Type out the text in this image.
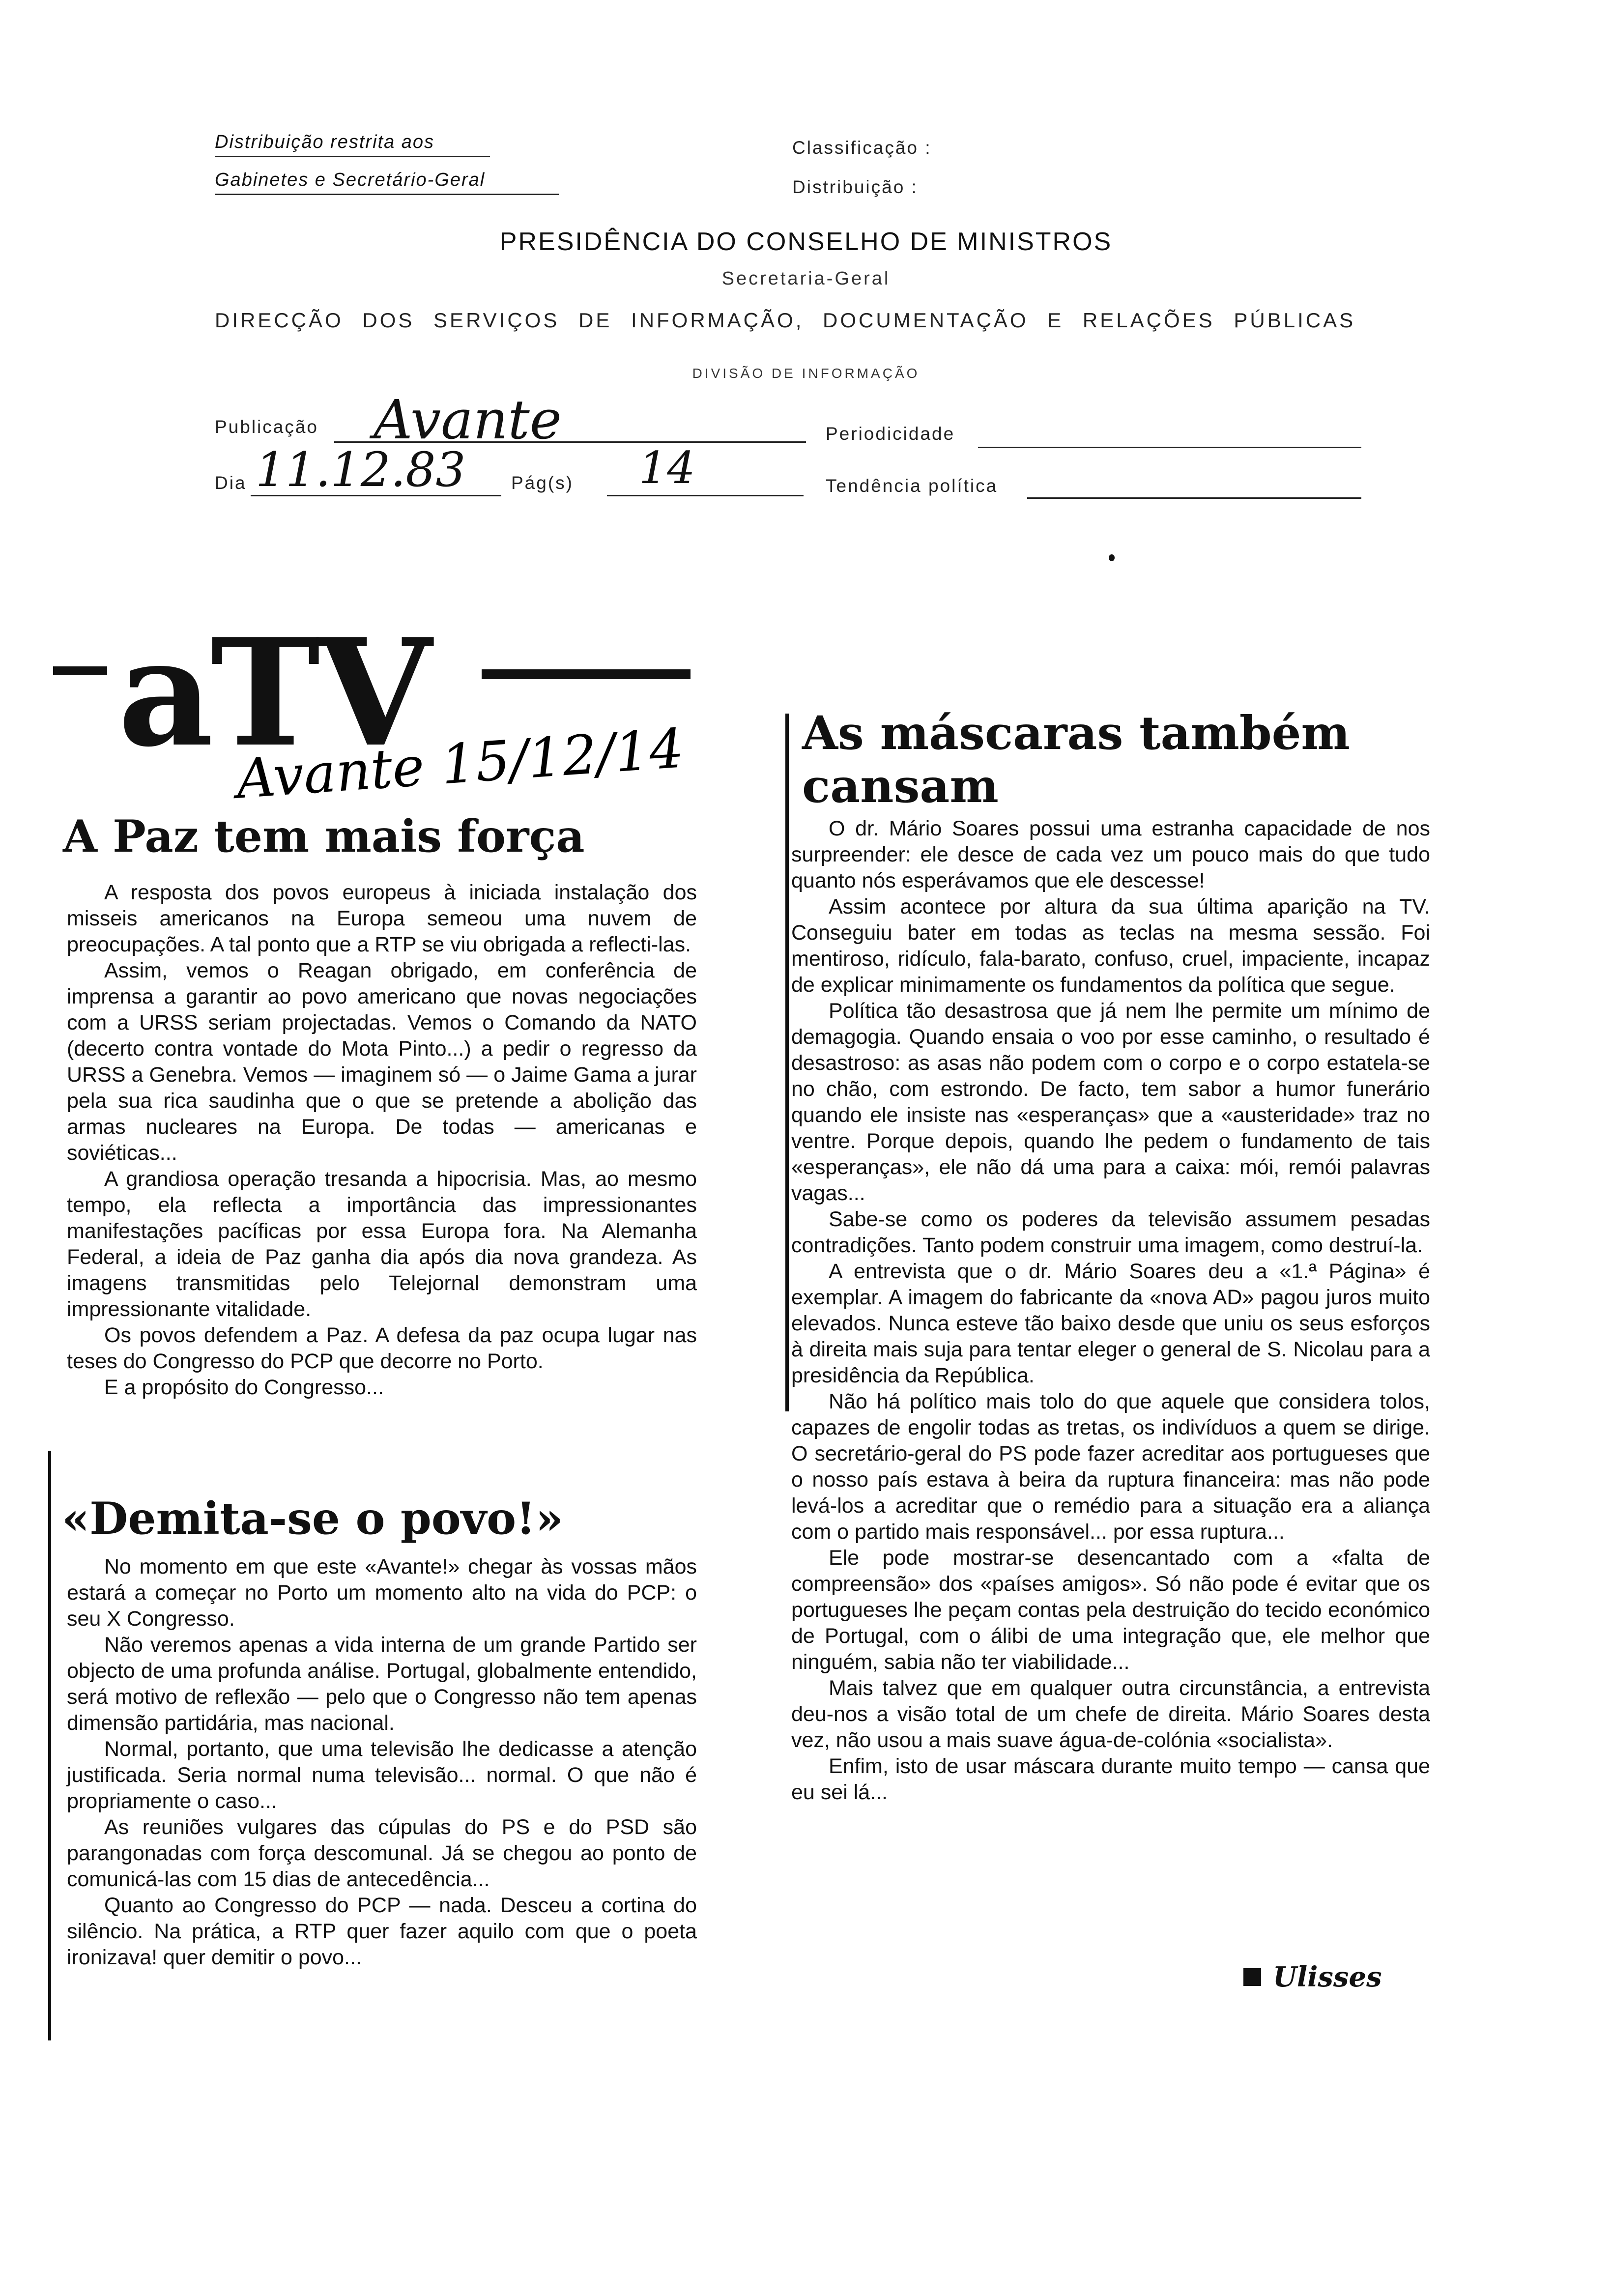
Distribuição restrita aos
Gabinetes e Secretário-Geral
Classificação :
Distribuição :
PRESIDÊNCIA DO CONSELHO DE MINISTROS
Secretaria-Geral
DIRECÇÃO DOS SERVIÇOS DE INFORMAÇÃO, DOCUMENTAÇÃO E RELAÇÕES PÚBLICAS
DIVISÃO DE INFORMAÇÃO
Publicação Avante	Periodicidade
Dia 11.12.83	Pág(s) 14	Tendência política
aTV
Avante 15/12/14
A Paz tem mais força

A resposta dos povos europeus à iniciada instalação dos misseis americanos na Europa semeou uma nuvem de preocupações. A tal ponto que a RTP se viu obrigada a reflecti-las.

Assim, vemos o Reagan obrigado, em conferência de imprensa a garantir ao povo americano que novas negociações com a URSS seriam projectadas. Vemos o Comando da NATO (decerto contra vontade do Mota Pinto...) a pedir o regresso da URSS a Genebra. Vemos — imaginem só — o Jaime Gama a jurar pela sua rica saudinha que o que se pretende a abolição das armas nucleares na Europa. De todas — americanas e soviéticas...

A grandiosa operação tresanda a hipocrisia. Mas, ao mesmo tempo, ela reflecta a importância das impressionantes manifestações pacíficas por essa Europa fora. Na Alemanha Federal, a ideia de Paz ganha dia após dia nova grandeza. As imagens transmitidas pelo Telejornal demonstram uma impressionante vitalidade.

Os povos defendem a Paz. A defesa da paz ocupa lugar nas teses do Congresso do PCP que decorre no Porto.

E a propósito do Congresso...

«Demita-se o povo!»

No momento em que este «Avante!» chegar às vossas mãos estará a começar no Porto um momento alto na vida do PCP: o seu X Congresso.

Não veremos apenas a vida interna de um grande Partido ser objecto de uma profunda análise. Portugal, globalmente entendido, será motivo de reflexão — pelo que o Congresso não tem apenas dimensão partidária, mas nacional.

Normal, portanto, que uma televisão lhe dedicasse a atenção justificada. Seria normal numa televisão... normal. O que não é propriamente o caso...

As reuniões vulgares das cúpulas do PS e do PSD são parangonadas com força descomunal. Já se chegou ao ponto de comunicá-las com 15 dias de antecedência...

Quanto ao Congresso do PCP — nada. Desceu a cortina do silêncio. Na prática, a RTP quer fazer aquilo com que o poeta ironizava! quer demitir o povo...

As máscaras também
cansam

O dr. Mário Soares possui uma estranha capacidade de nos surpreender: ele desce de cada vez um pouco mais do que tudo quanto nós esperávamos que ele descesse!

Assim acontece por altura da sua última aparição na TV. Conseguiu bater em todas as teclas na mesma sessão. Foi mentiroso, ridículo, fala-barato, confuso, cruel, impaciente, incapaz de explicar minimamente os fundamentos da política que segue.

Política tão desastrosa que já nem lhe permite um mínimo de demagogia. Quando ensaia o voo por esse caminho, o resultado é desastroso: as asas não podem com o corpo e o corpo estatela-se no chão, com estrondo. De facto, tem sabor a humor funerário quando ele insiste nas «esperanças» que a «austeridade» traz no ventre. Porque depois, quando lhe pedem o fundamento de tais «esperanças», ele não dá uma para a caixa: mói, remói palavras vagas...

Sabe-se como os poderes da televisão assumem pesadas contradições. Tanto podem construir uma imagem, como destruí-la.

A entrevista que o dr. Mário Soares deu a «1.ª Página» é exemplar. A imagem do fabricante da «nova AD» pagou juros muito elevados. Nunca esteve tão baixo desde que uniu os seus esforços à direita mais suja para tentar eleger o general de S. Nicolau para a presidência da República.

Não há político mais tolo do que aquele que considera tolos, capazes de engolir todas as tretas, os indivíduos a quem se dirige. O secretário-geral do PS pode fazer acreditar aos portugueses que o nosso país estava à beira da ruptura financeira: mas não pode levá-los a acreditar que o remédio para a situação era a aliança com o partido mais responsável... por essa ruptura...

Ele pode mostrar-se desencantado com a «falta de compreensão» dos «países amigos». Só não pode é evitar que os portugueses lhe peçam contas pela destruição do tecido económico de Portugal, com o álibi de uma integração que, ele melhor que ninguém, sabia não ter viabilidade...

Mais talvez que em qualquer outra circunstância, a entrevista deu-nos a visão total de um chefe de direita. Mário Soares desta vez, não usou a mais suave água-de-colónia «socialista».

Enfim, isto de usar máscara durante muito tempo — cansa que eu sei lá...

Ulisses
